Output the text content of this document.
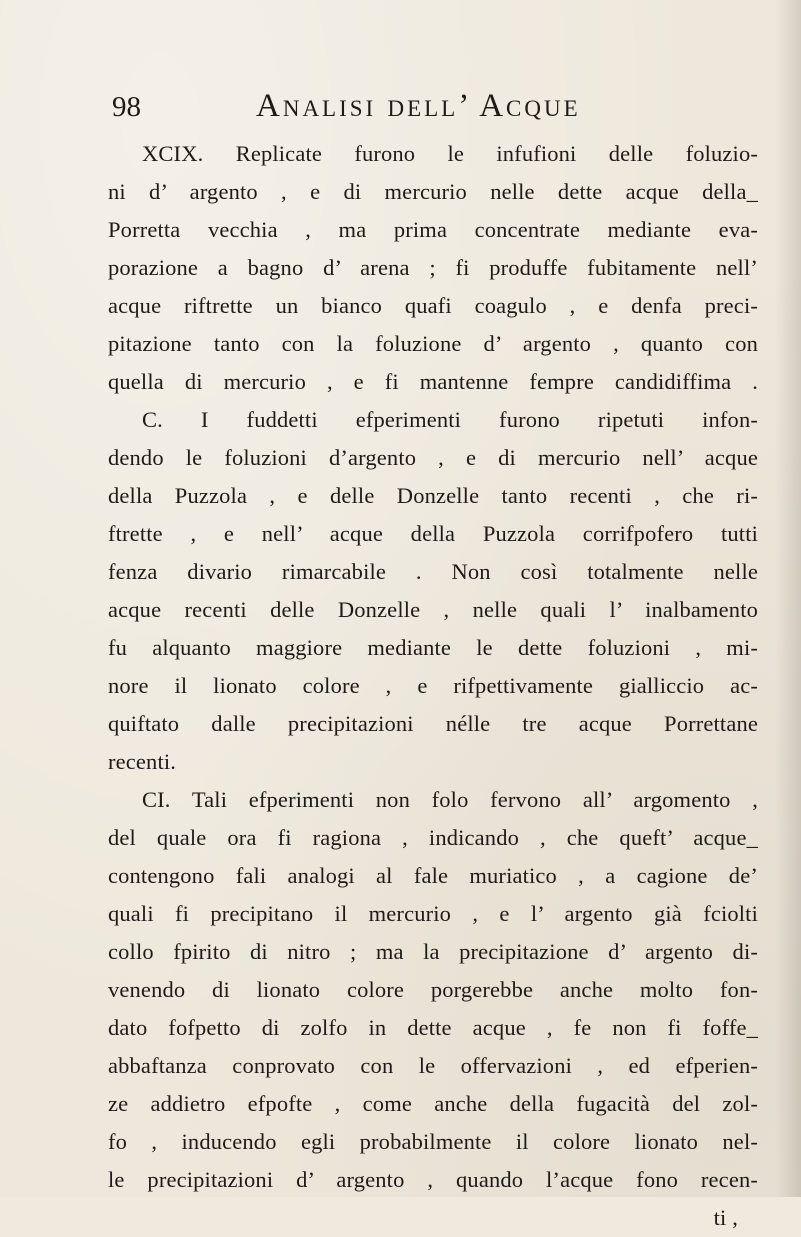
98	Analisi dell’ Acque
XCIX. Replicate furono le infufioni delle foluzio-
ni d’ argento , e di mercurio nelle dette acque della_
Porretta vecchia , ma prima concentrate mediante eva-
porazione a bagno d’ arena ; fi produffe fubitamente nell’
acque riftrette un bianco quafi coagulo , e denfa preci-
pitazione tanto con la foluzione d’ argento , quanto con
quella di mercurio , e fi mantenne fempre candidiffima .
C. I fuddetti efperimenti furono ripetuti infon-
dendo le foluzioni d’argento , e di mercurio nell’ acque
della Puzzola , e delle Donzelle tanto recenti , che ri-
ftrette , e nell’ acque della Puzzola corrifpofero tutti
fenza divario rimarcabile . Non così totalmente nelle
acque recenti delle Donzelle , nelle quali l’ inalbamento
fu alquanto maggiore mediante le dette foluzioni , mi-
nore il lionato colore , e rifpettivamente gialliccio ac-
quiftato dalle precipitazioni nélle tre acque Porrettane
recenti.
CI. Tali efperimenti non folo fervono all’ argomento ,
del quale ora fi ragiona , indicando , che queft’ acque_
contengono fali analogi al fale muriatico , a cagione de’
quali fi precipitano il mercurio , e l’ argento già fciolti
collo fpirito di nitro ; ma la precipitazione d’ argento di-
venendo di lionato colore porgerebbe anche molto fon-
dato fofpetto di zolfo in dette acque , fe non fi foffe_
abbaftanza conprovato con le offervazioni , ed efperien-
ze addietro efpofte , come anche della fugacità del zol-
fo , inducendo egli probabilmente il colore lionato nel-
le precipitazioni d’ argento , quando l’acque fono recen-
ti ,
